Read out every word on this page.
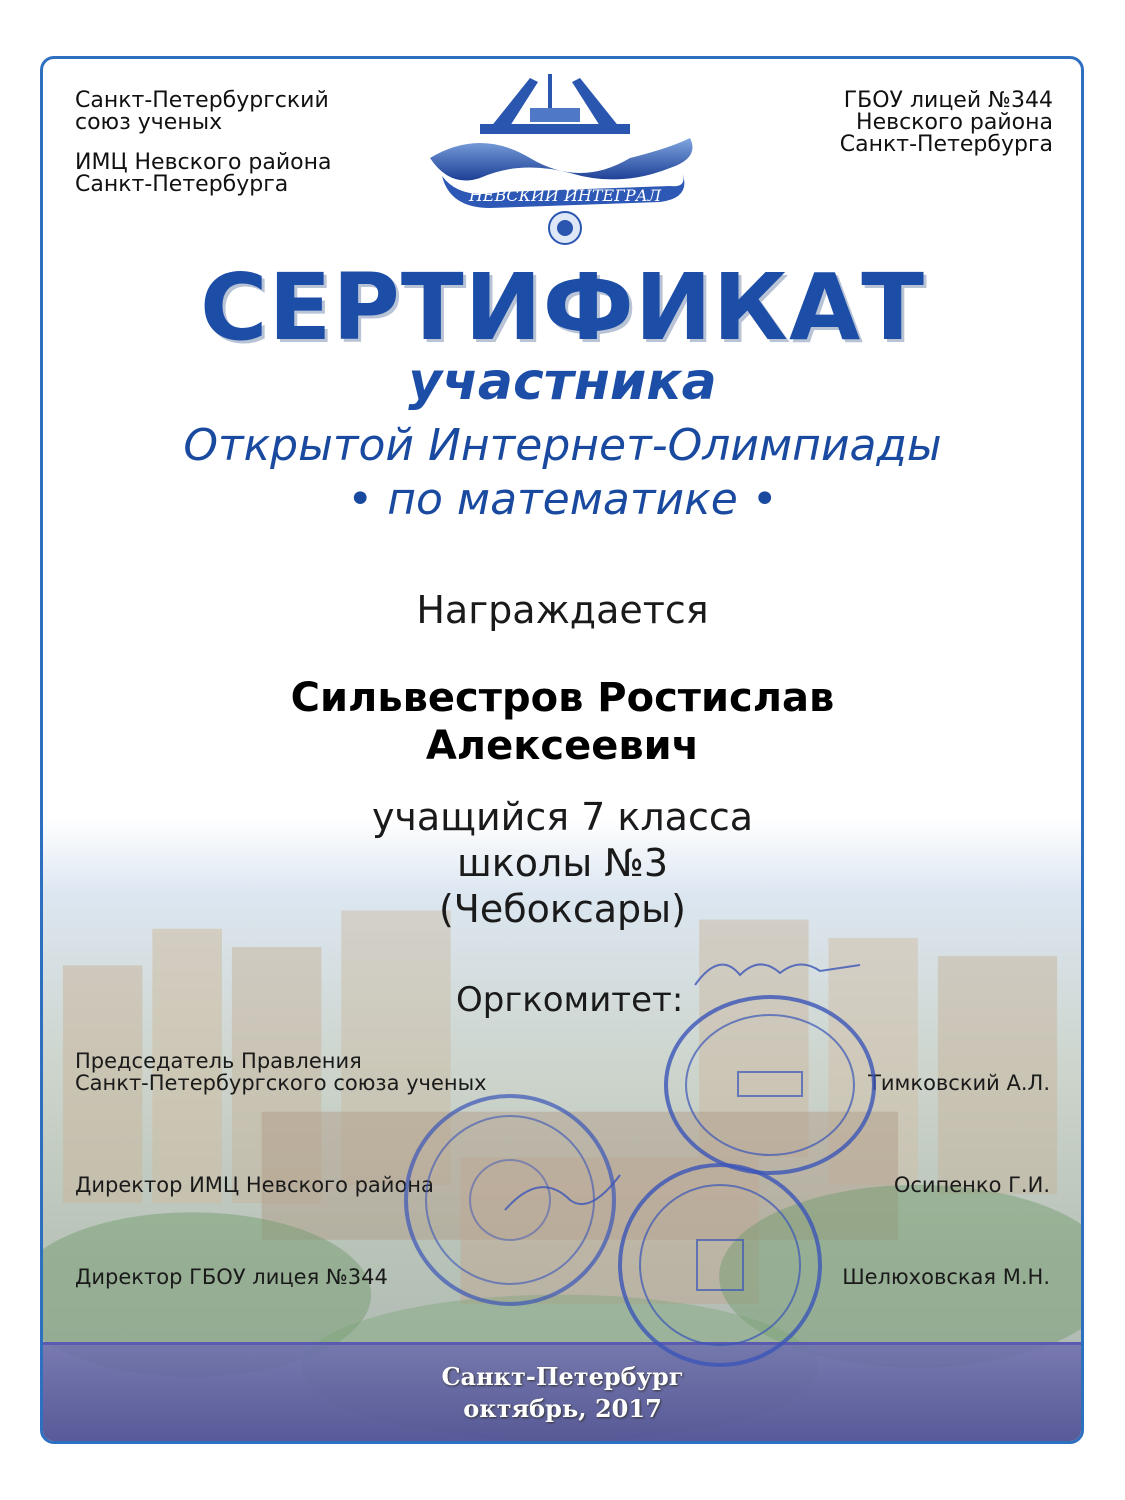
Санкт-Петербургский
союз ученых
ИМЦ Невского района
Санкт-Петербурга
ГБОУ лицей №344
Невского района
Санкт-Петербурга
НЕВСКИЙ ИНТЕГРАЛ
СЕРТИФИКАТ
участника
Открытой Интернет-Олимпиады
• по математике •
Награждается
Сильвестров Ростислав
Алексеевич
учащийся 7 класса
школы №3
(Чебоксары)
Оргкомитет:
Председатель Правления
Санкт-Петербургского союза ученых	Тимковский А.Л.
Директор ИМЦ Невского района	Осипенко Г.И.
Директор ГБОУ лицея №344	Шелюховская М.Н.
Санкт-Петербург
октябрь, 2017
